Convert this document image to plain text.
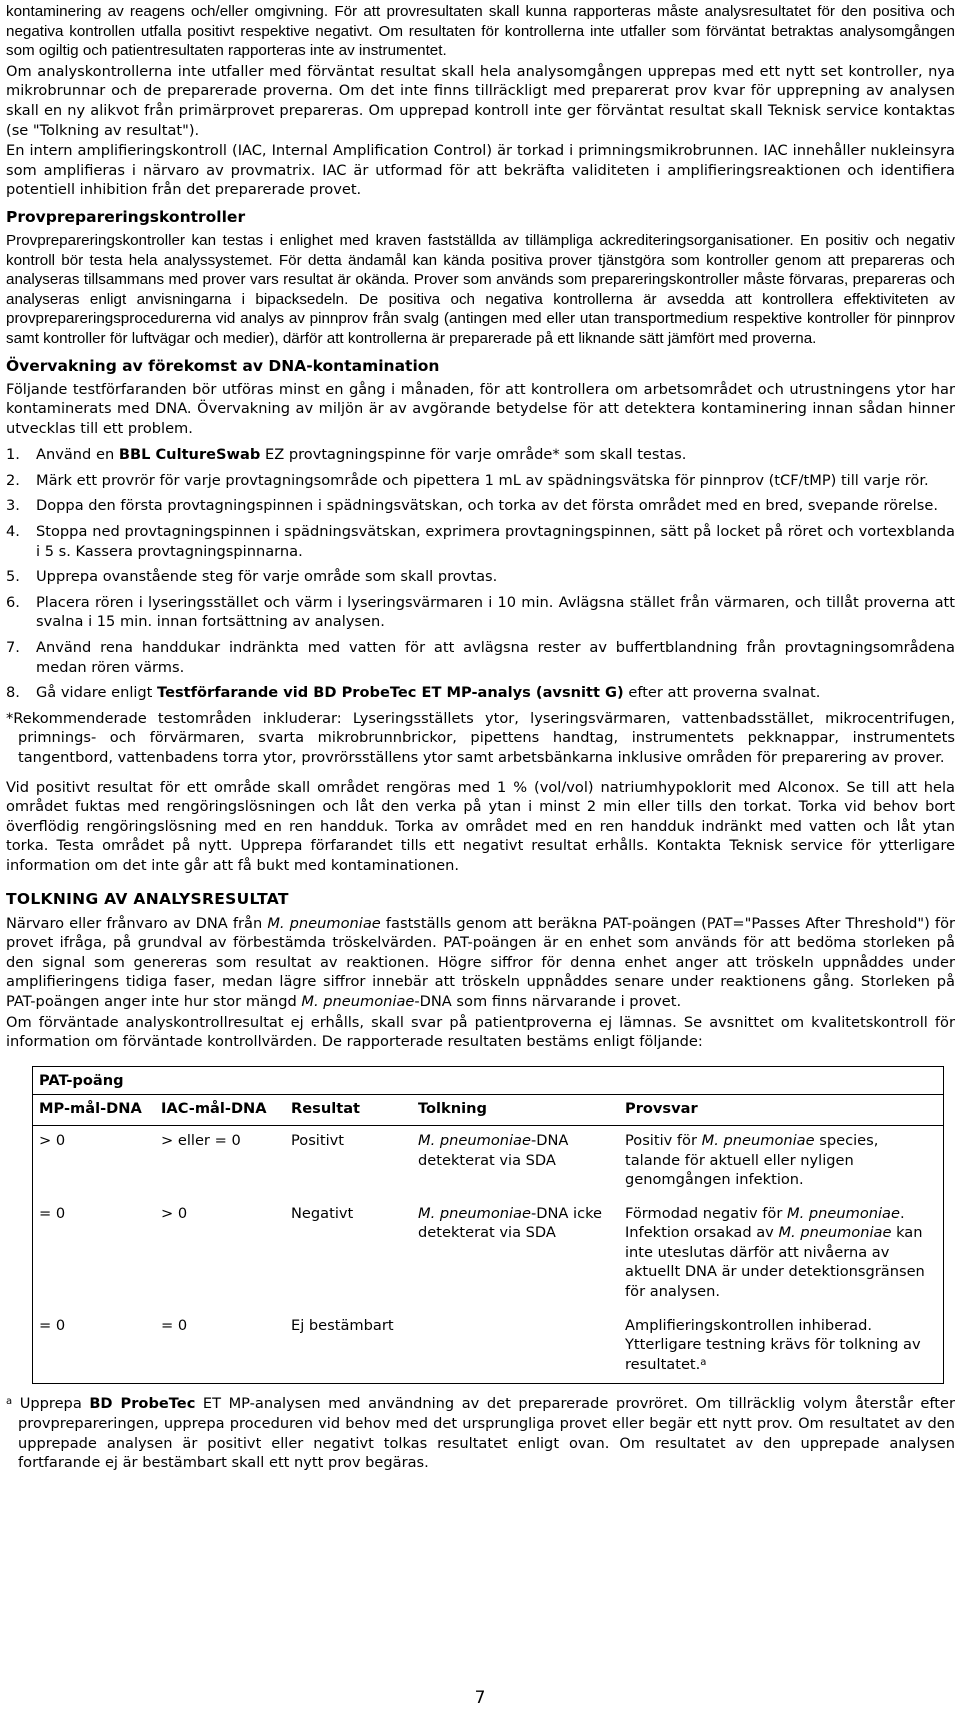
kontaminering av reagens och/eller omgivning. För att provresultaten skall kunna rapporteras måste analysresultatet för den positiva och negativa kontrollen utfalla positivt respektive negativt. Om resultaten för kontrollerna inte utfaller som förväntat betraktas analysomgången som ogiltig och patientresultaten rapporteras inte av instrumentet.

Om analyskontrollerna inte utfaller med förväntat resultat skall hela analysomgången upprepas med ett nytt set kontroller, nya mikrobrunnar och de preparerade proverna. Om det inte finns tillräckligt med preparerat prov kvar för upprepning av analysen skall en ny alikvot från primärprovet prepareras. Om upprepad kontroll inte ger förväntat resultat skall Teknisk service kontaktas (se "Tolkning av resultat").

En intern amplifieringskontroll (IAC, Internal Amplification Control) är torkad i primningsmikrobrunnen. IAC innehåller nukleinsyra som amplifieras i närvaro av provmatrix. IAC är utformad för att bekräfta validiteten i amplifieringsreaktionen och identifiera potentiell inhibition från det preparerade provet.

Provprepareringskontroller

Provprepareringskontroller kan testas i enlighet med kraven fastställda av tillämpliga ackrediteringsorganisationer. En positiv och negativ kontroll bör testa hela analyssystemet. För detta ändamål kan kända positiva prover tjänstgöra som kontroller genom att prepareras och analyseras tillsammans med prover vars resultat är okända. Prover som används som prepareringskontroller måste förvaras, prepareras och analyseras enligt anvisningarna i bipacksedeln. De positiva och negativa kontrollerna är avsedda att kontrollera effektiviteten av provprepareringsprocedurerna vid analys av pinnprov från svalg (antingen med eller utan transportmedium respektive kontroller för pinnprov samt kontroller för luftvägar och medier), därför att kontrollerna är preparerade på ett liknande sätt jämfört med proverna.

Övervakning av förekomst av DNA-kontamination

Följande testförfaranden bör utföras minst en gång i månaden, för att kontrollera om arbetsområdet och utrustningens ytor har kontaminerats med DNA. Övervakning av miljön är av avgörande betydelse för att detektera kontaminering innan sådan hinner utvecklas till ett problem.

1.	Använd en BBL CultureSwab EZ provtagningspinne för varje område* som skall testas.
2.	Märk ett provrör för varje provtagningsområde och pipettera 1 mL av spädningsvätska för pinnprov (tCF/tMP) till varje rör.
3.	Doppa den första provtagningspinnen i spädningsvätskan, och torka av det första området med en bred, svepande rörelse.
4.	Stoppa ned provtagningspinnen i spädningsvätskan, exprimera provtagningspinnen, sätt på locket på röret och vortexblanda i 5 s. Kassera provtagningspinnarna.
5.	Upprepa ovanstående steg för varje område som skall provtas.
6.	Placera rören i lyseringsstället och värm i lyseringsvärmaren i 10 min. Avlägsna stället från värmaren, och tillåt proverna att svalna i 15 min. innan fortsättning av analysen.
7.	Använd rena handdukar indränkta med vatten för att avlägsna rester av buffertblandning från provtagningsområdena medan rören värms.
8.	Gå vidare enligt Testförfarande vid BD ProbeTec ET MP-analys (avsnitt G) efter att proverna svalnat.

*Rekommenderade testområden inkluderar: Lyseringsställets ytor, lyseringsvärmaren, vattenbadsstället, mikrocentrifugen, primnings- och förvärmaren, svarta mikrobrunnbrickor, pipettens handtag, instrumentets pekknappar, instrumentets tangentbord, vattenbadens torra ytor, provrörsställens ytor samt arbetsbänkarna inklusive områden för preparering av prover.

Vid positivt resultat för ett område skall området rengöras med 1 % (vol/vol) natriumhypoklorit med Alconox. Se till att hela området fuktas med rengöringslösningen och låt den verka på ytan i minst 2 min eller tills den torkat. Torka vid behov bort överflödig rengöringslösning med en ren handduk. Torka av området med en ren handduk indränkt med vatten och låt ytan torka. Testa området på nytt. Upprepa förfarandet tills ett negativt resultat erhålls. Kontakta Teknisk service för ytterligare information om det inte går att få bukt med kontaminationen.

TOLKNING AV ANALYSRESULTAT

Närvaro eller frånvaro av DNA från M. pneumoniae fastställs genom att beräkna PAT-poängen (PAT="Passes After Threshold") för provet ifråga, på grundval av förbestämda tröskelvärden. PAT-poängen är en enhet som används för att bedöma storleken på den signal som genereras som resultat av reaktionen. Högre siffror för denna enhet anger att tröskeln uppnåddes under amplifieringens tidiga faser, medan lägre siffror innebär att tröskeln uppnåddes senare under reaktionens gång. Storleken på PAT-poängen anger inte hur stor mängd M. pneumoniae-DNA som finns närvarande i provet.

Om förväntade analyskontrollresultat ej erhålls, skall svar på patientproverna ej lämnas. Se avsnittet om kvalitetskontroll för information om förväntade kontrollvärden. De rapporterade resultaten bestäms enligt följande:

PAT-poäng				
MP-mål-DNA	IAC-mål-DNA	Resultat	Tolkning	Provsvar
> 0	> eller = 0	Positivt	M. pneumoniae-DNA detekterat via SDA	Positiv för M. pneumoniae species, talande för aktuell eller nyligen genomgången infektion.
= 0	> 0	Negativt	M. pneumoniae-DNA icke detekterat via SDA	Förmodad negativ för M. pneumoniae. Infektion orsakad av M. pneumoniae kan inte uteslutas därför att nivåerna av aktuellt DNA är under detektionsgränsen för analysen.
= 0	= 0	Ej bestämbart		Amplifieringskontrollen inhiberad. Ytterligare testning krävs för tolkning av resultatet.$^a$

$^a$ Upprepa BD ProbeTec ET MP-analysen med användning av det preparerade provröret. Om tillräcklig volym återstår efter provprepareringen, upprepa proceduren vid behov med det ursprungliga provet eller begär ett nytt prov. Om resultatet av den upprepade analysen är positivt eller negativt tolkas resultatet enligt ovan. Om resultatet av den upprepade analysen fortfarande ej är bestämbart skall ett nytt prov begäras.

7
